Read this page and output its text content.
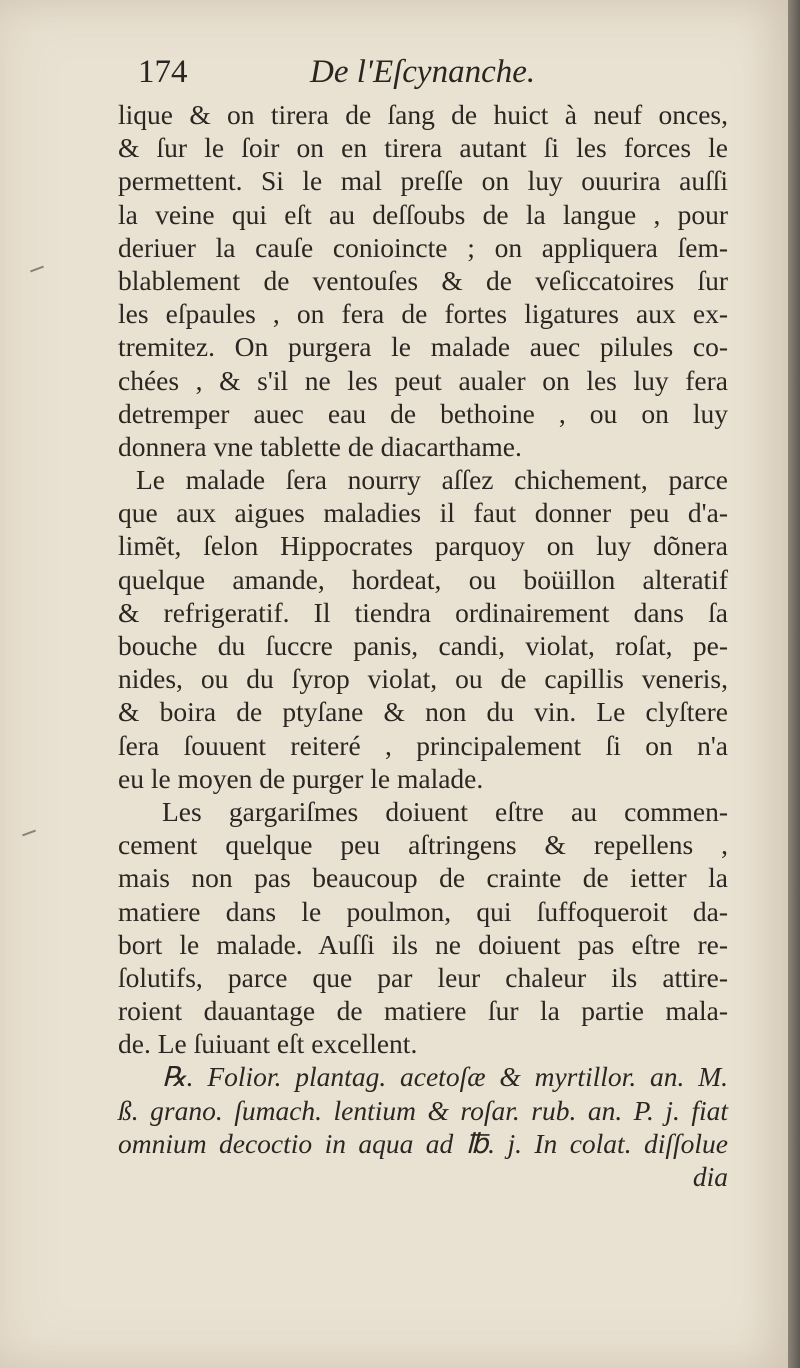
174	De l'Eſcynanche.
lique & on tirera de ſang de huict à neuf onces,
& ſur le ſoir on en tirera autant ſi les forces le
permettent. Si le mal preſſe on luy ouurira auſſi
la veine qui eſt au deſſoubs de la langue , pour
deriuer la cauſe conioincte ; on appliquera ſem-
blablement de ventouſes & de veſiccatoires ſur
les eſpaules , on fera de fortes ligatures aux ex-
tremitez. On purgera le malade auec pilules co-
chées , & s'il ne les peut aualer on les luy fera
detremper auec eau de bethoine , ou on luy
donnera vne tablette de diacarthame.
Le malade ſera nourry aſſez chichement, parce
que aux aigues maladies il faut donner peu d'a-
limẽt, ſelon Hippocrates parquoy on luy dõnera
quelque amande, hordeat, ou boüillon alteratif
& refrigeratif. Il tiendra ordinairement dans ſa
bouche du ſuccre panis, candi, violat, roſat, pe-
nides, ou du ſyrop violat, ou de capillis veneris,
& boira de ptyſane & non du vin. Le clyſtere
ſera ſouuent reiteré , principalement ſi on n'a
eu le moyen de purger le malade.
Les gargariſmes doiuent eſtre au commen-
cement quelque peu aſtringens & repellens ,
mais non pas beaucoup de crainte de ietter la
matiere dans le poulmon, qui ſuffoqueroit da-
bort le malade. Auſſi ils ne doiuent pas eſtre re-
ſolutifs, parce que par leur chaleur ils attire-
roient dauantage de matiere ſur la partie mala-
de. Le ſuiuant eſt excellent.
℞. Folior. plantag. acetoſæ & myrtillor. an. M.
ß. grano. ſumach. lentium & roſar. rub. an. P. j. fiat
omnium decoctio in aqua ad ℔. j. In colat. diſſolue
dia
